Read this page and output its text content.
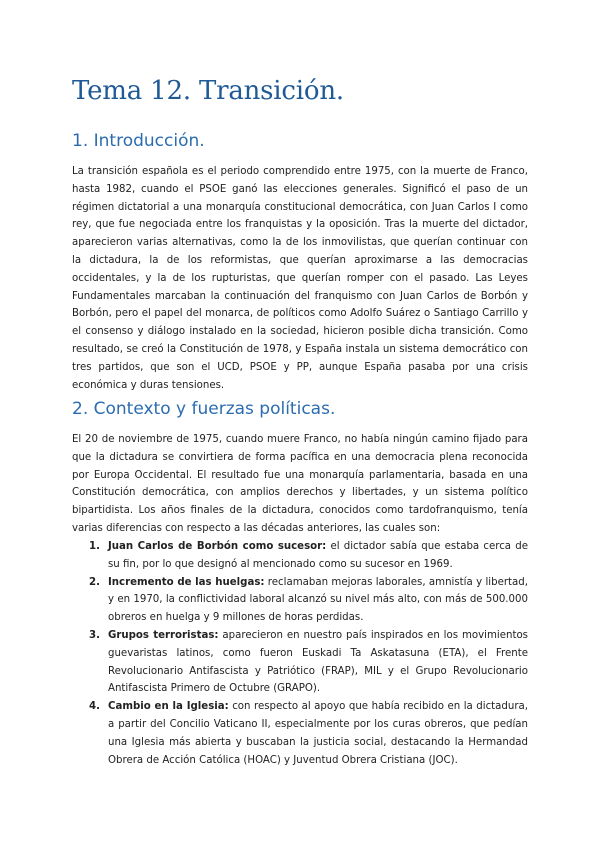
Tema 12. Transición.
1. Introducción.

La transición española es el periodo comprendido entre 1975, con la muerte de Franco, hasta 1982, cuando el PSOE ganó las elecciones generales. Significó el paso de un régimen dictatorial a una monarquía constitucional democrática, con Juan Carlos I como rey, que fue negociada entre los franquistas y la oposición. Tras la muerte del dictador, aparecieron varias alternativas, como la de los inmovilistas, que querían continuar con la dictadura, la de los reformistas, que querían aproximarse a las democracias occidentales, y la de los rupturistas, que querían romper con el pasado. Las Leyes Fundamentales marcaban la continuación del franquismo con Juan Carlos de Borbón y Borbón, pero el papel del monarca, de políticos como Adolfo Suárez o Santiago Carrillo y el consenso y diálogo instalado en la sociedad, hicieron posible dicha transición. Como resultado, se creó la Constitución de 1978, y España instala un sistema democrático con tres partidos, que son el UCD, PSOE y PP, aunque España pasaba por una crisis económica y duras tensiones.

2. Contexto y fuerzas políticas.

El 20 de noviembre de 1975, cuando muere Franco, no había ningún camino fijado para que la dictadura se convirtiera de forma pacífica en una democracia plena reconocida por Europa Occidental. El resultado fue una monarquía parlamentaria, basada en una Constitución democrática, con amplios derechos y libertades, y un sistema político bipartidista. Los años finales de la dictadura, conocidos como tardofranquismo, tenía varias diferencias con respecto a las décadas anteriores, las cuales son:

1. Juan Carlos de Borbón como sucesor: el dictador sabía que estaba cerca de su fin, por lo que designó al mencionado como su sucesor en 1969.
2. Incremento de las huelgas: reclamaban mejoras laborales, amnistía y libertad, y en 1970, la conflictividad laboral alcanzó su nivel más alto, con más de 500.000 obreros en huelga y 9 millones de horas perdidas.
3. Grupos terroristas: aparecieron en nuestro país inspirados en los movimientos guevaristas latinos, como fueron Euskadi Ta Askatasuna (ETA), el Frente Revolucionario Antifascista y Patriótico (FRAP), MIL y el Grupo Revolucionario Antifascista Primero de Octubre (GRAPO).
4. Cambio en la Iglesia: con respecto al apoyo que había recibido en la dictadura, a partir del Concilio Vaticano II, especialmente por los curas obreros, que pedían una Iglesia más abierta y buscaban la justicia social, destacando la Hermandad Obrera de Acción Católica (HOAC) y Juventud Obrera Cristiana (JOC).
